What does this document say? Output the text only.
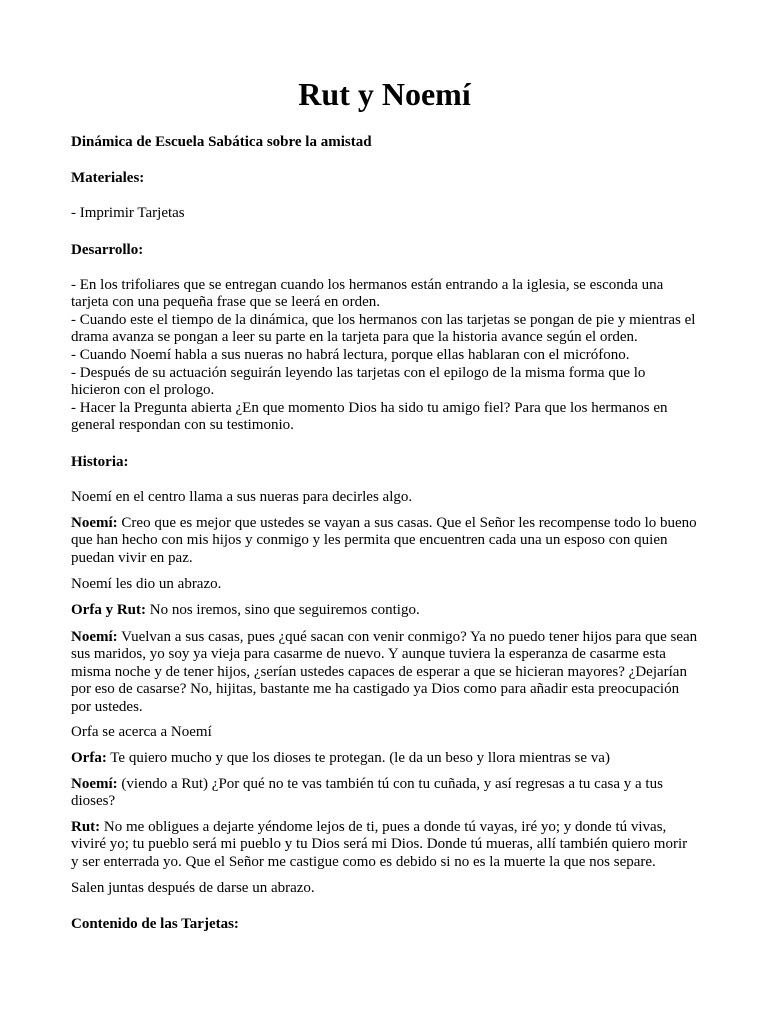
Rut y Noemí

Dinámica de Escuela Sabática sobre la amistad

Materiales:

- Imprimir Tarjetas

Desarrollo:

- En los trifoliares que se entregan cuando los hermanos están entrando a la iglesia, se esconda una tarjeta con una pequeña frase que se leerá en orden.

- Cuando este el tiempo de la dinámica, que los hermanos con las tarjetas se pongan de pie y mientras el drama avanza se pongan a leer su parte en la tarjeta para que la historia avance según el orden.

- Cuando Noemí habla a sus nueras no habrá lectura, porque ellas hablaran con el micrófono.

- Después de su actuación seguirán leyendo las tarjetas con el epilogo de la misma forma que lo hicieron con el prologo.

- Hacer la Pregunta abierta ¿En que momento Dios ha sido tu amigo fiel? Para que los hermanos en general respondan con su testimonio.

Historia:

Noemí en el centro llama a sus nueras para decirles algo.

Noemí: Creo que es mejor que ustedes se vayan a sus casas. Que el Señor les recompense todo lo bueno que han hecho con mis hijos y conmigo y les permita que encuentren cada una un esposo con quien puedan vivir en paz.

Noemí les dio un abrazo.

Orfa y Rut: No nos iremos, sino que seguiremos contigo.

Noemí: Vuelvan a sus casas, pues ¿qué sacan con venir conmigo? Ya no puedo tener hijos para que sean sus maridos, yo soy ya vieja para casarme de nuevo. Y aunque tuviera la esperanza de casarme esta misma noche y de tener hijos, ¿serían ustedes capaces de esperar a que se hicieran mayores? ¿Dejarían por eso de casarse? No, hijitas, bastante me ha castigado ya Dios como para añadir esta preocupación por ustedes.

Orfa se acerca a Noemí

Orfa: Te quiero mucho y que los dioses te protegan. (le da un beso y llora mientras se va)

Noemí: (viendo a Rut) ¿Por qué no te vas también tú con tu cuñada, y así regresas a tu casa y a tus dioses?

Rut: No me obligues a dejarte yéndome lejos de ti, pues a donde tú vayas, iré yo; y donde tú vivas, viviré yo; tu pueblo será mi pueblo y tu Dios será mi Dios. Donde tú mueras, allí también quiero morir y ser enterrada yo. Que el Señor me castigue como es debido si no es la muerte la que nos separe.

Salen juntas después de darse un abrazo.

Contenido de las Tarjetas:
